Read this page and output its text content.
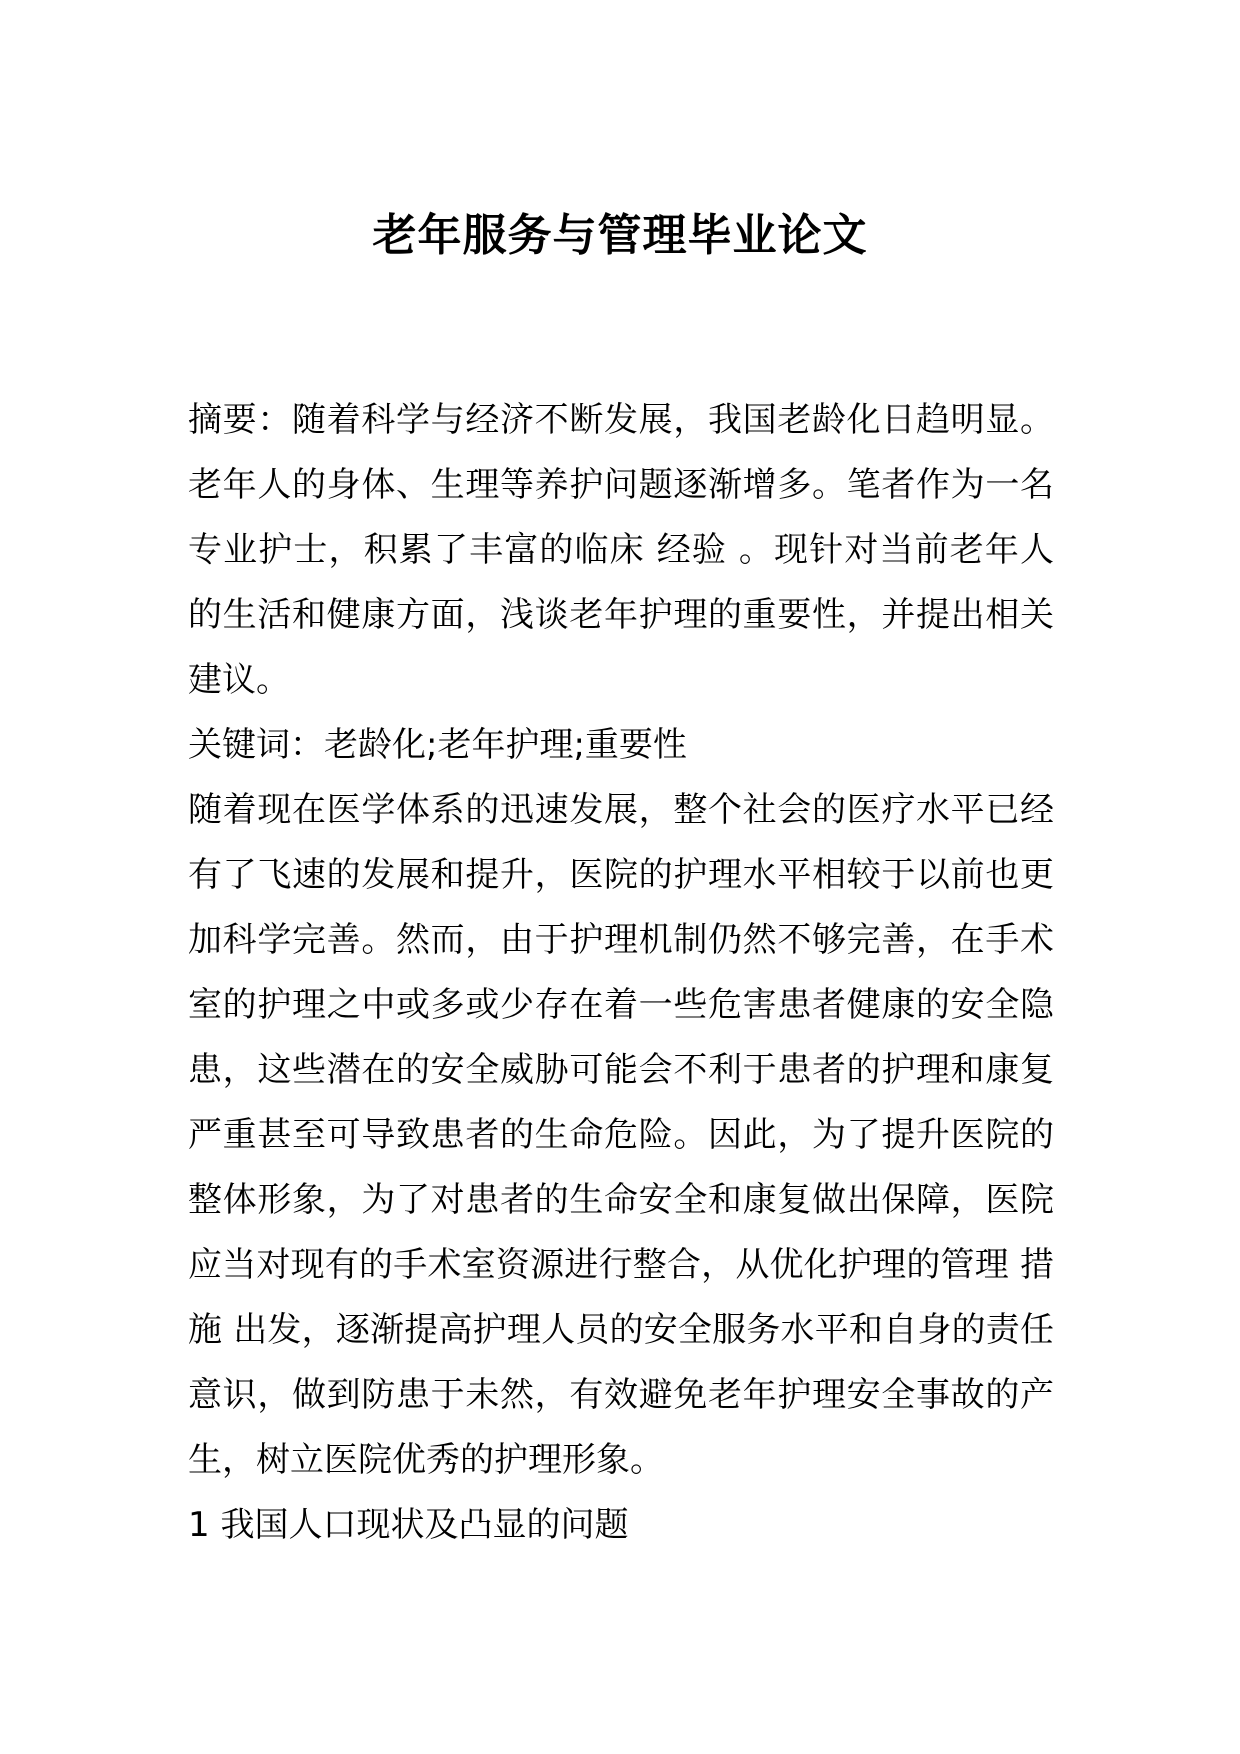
老年服务与管理毕业论文

摘要：随着科学与经济不断发展，我国老龄化日趋明显。老年人的身体、生理等养护问题逐渐增多。笔者作为一名专业护士，积累了丰富的临床 经验 。现针对当前老年人的生活和健康方面，浅谈老年护理的重要性，并提出相关建议。

关键词：老龄化;老年护理;重要性

随着现在医学体系的迅速发展，整个社会的医疗水平已经有了飞速的发展和提升，医院的护理水平相较于以前也更加科学完善。然而，由于护理机制仍然不够完善，在手术室的护理之中或多或少存在着一些危害患者健康的安全隐患，这些潜在的安全威胁可能会不利于患者的护理和康复严重甚至可导致患者的生命危险。因此，为了提升医院的整体形象，为了对患者的生命安全和康复做出保障，医院应当对现有的手术室资源进行整合，从优化护理的管理 措施 出发，逐渐提高护理人员的安全服务水平和自身的责任意识，做到防患于未然，有效避免老年护理安全事故的产生，树立医院优秀的护理形象。

1 我国人口现状及凸显的问题
